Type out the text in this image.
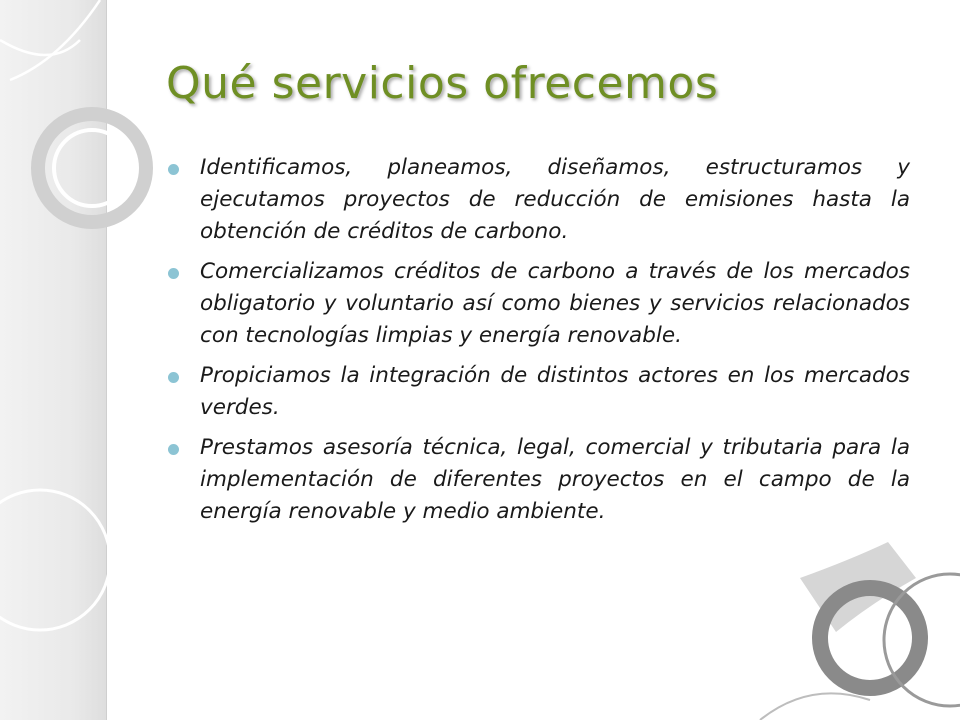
Qué servicios ofrecemos
Identificamos, planeamos, diseñamos, estructuramos y ejecutamos proyectos de reducción de emisiones hasta la obtención de créditos de carbono.
Comercializamos créditos de carbono a través de los mercados obligatorio y voluntario así como bienes y servicios relacionados con tecnologías limpias y energía renovable.
Propiciamos la integración de distintos actores en los mercados verdes.
Prestamos asesoría técnica, legal, comercial y tributaria para la implementación de diferentes proyectos en el campo de la energía renovable y medio ambiente.
